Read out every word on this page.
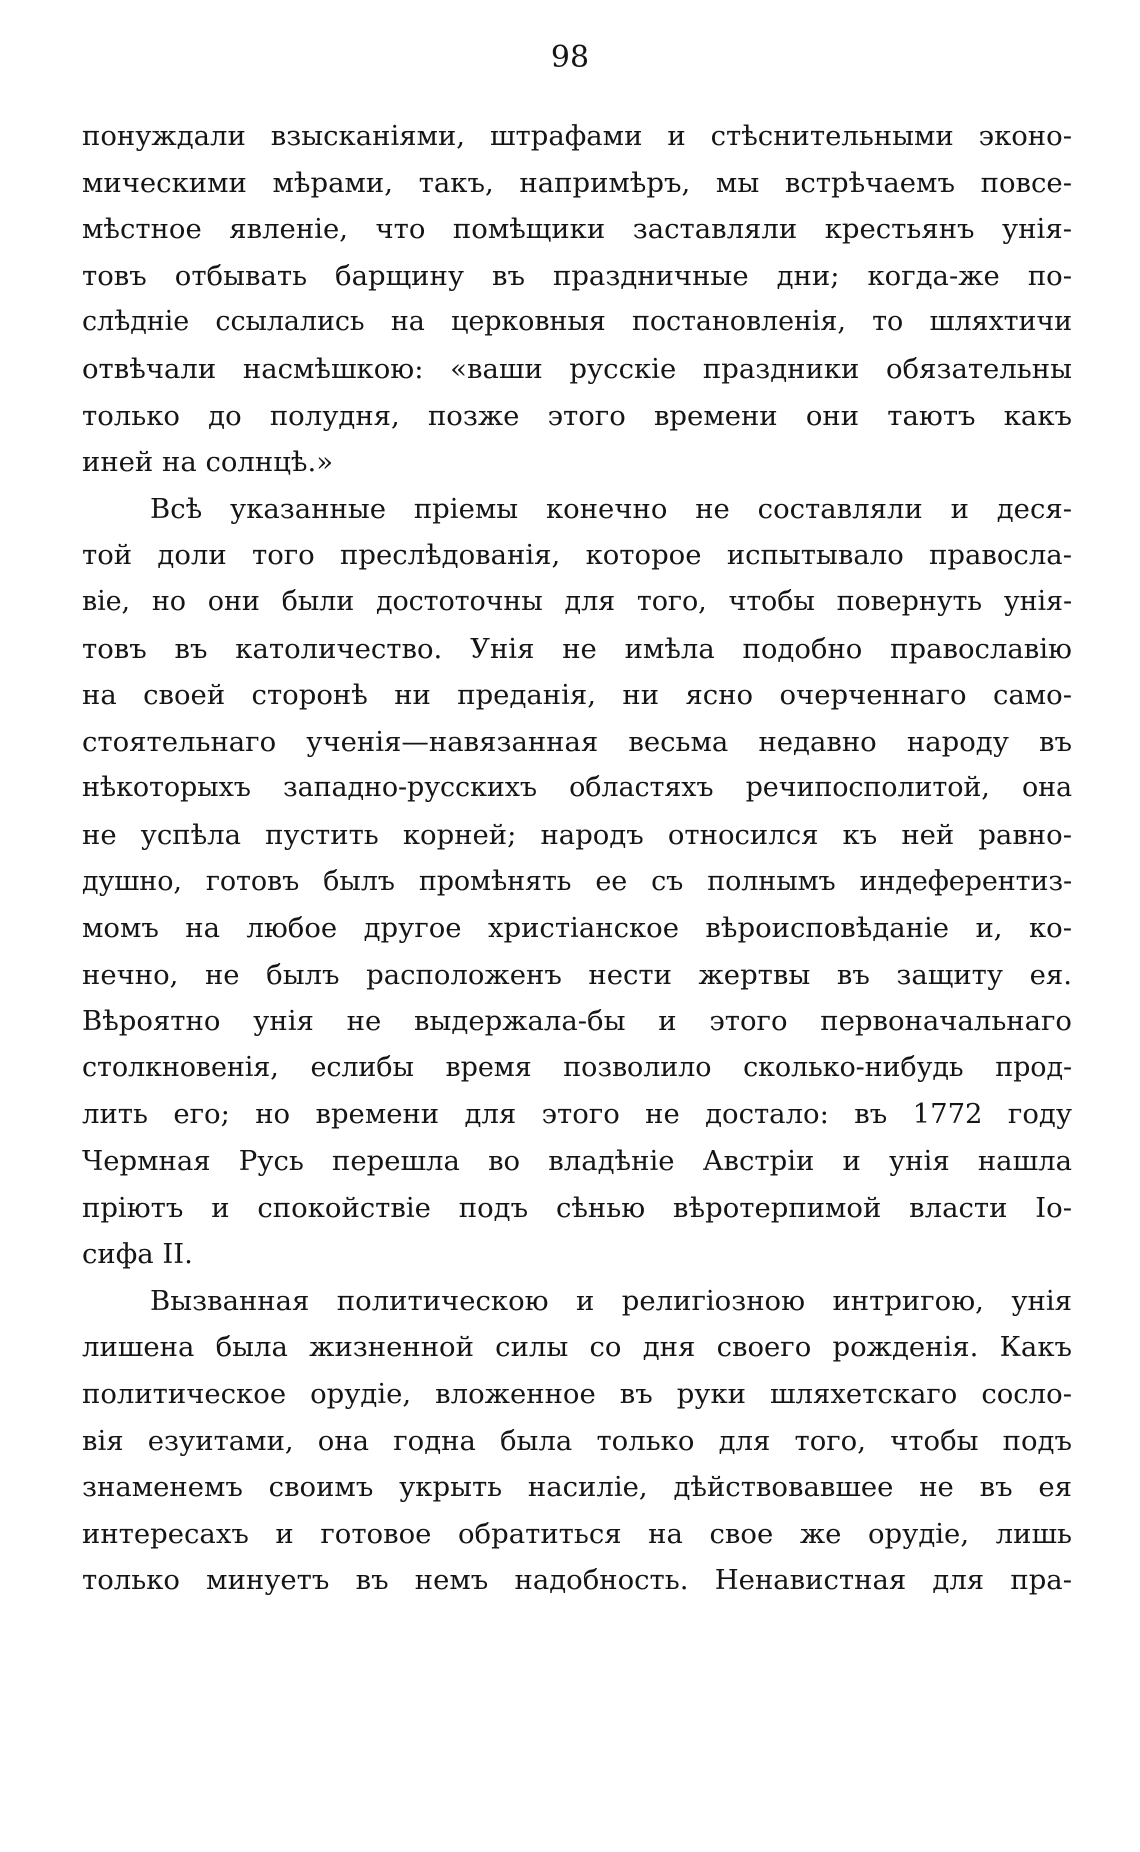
98
понуждали взысканіями, штрафами и стѣснительными эконо-
мическими мѣрами, такъ, напримѣръ, мы встрѣчаемъ повсе-
мѣстное явленіе, что помѣщики заставляли крестьянъ унія-
товъ отбывать барщину въ праздничные дни; когда-же по-
слѣдніе ссылались на церковныя постановленія, то шляхтичи
отвѣчали насмѣшкою: «ваши русскіе праздники обязательны
только до полудня, позже этого времени они таютъ какъ
иней на солнцѣ.»
Всѣ указанные пріемы конечно не составляли и деся-
той доли того преслѣдованія, которое испытывало правосла-
віе, но они были достоточны для того, чтобы повернуть унія-
товъ въ католичество. Унія не имѣла подобно православію
на своей сторонѣ ни преданія, ни ясно очерченнаго само-
стоятельнаго ученія—навязанная весьма недавно народу въ
нѣкоторыхъ западно-русскихъ областяхъ речипосполитой, она
не успѣла пустить корней; народъ относился къ ней равно-
душно, готовъ былъ промѣнять ее съ полнымъ индеферентиз-
момъ на любое другое христіанское вѣроисповѣданіе и, ко-
нечно, не былъ расположенъ нести жертвы въ защиту ея.
Вѣроятно унія не выдержала-бы и этого первоначальнаго
столкновенія, еслибы время позволило сколько-нибудь прод-
лить его; но времени для этого не достало: въ 1772 году
Чермная Русь перешла во владѣніе Австріи и унія нашла
пріютъ и спокойствіе подъ сѣнью вѣротерпимой власти Іо-
сифа II.
Вызванная политическою и религіозною интригою, унія
лишена была жизненной силы со дня своего рожденія. Какъ
политическое орудіе, вложенное въ руки шляхетскаго сосло-
вія езуитами, она годна была только для того, чтобы подъ
знаменемъ своимъ укрыть насиліе, дѣйствовавшее не въ ея
интересахъ и готовое обратиться на свое же орудіе, лишь
только минуетъ въ немъ надобность. Ненавистная для пра-
